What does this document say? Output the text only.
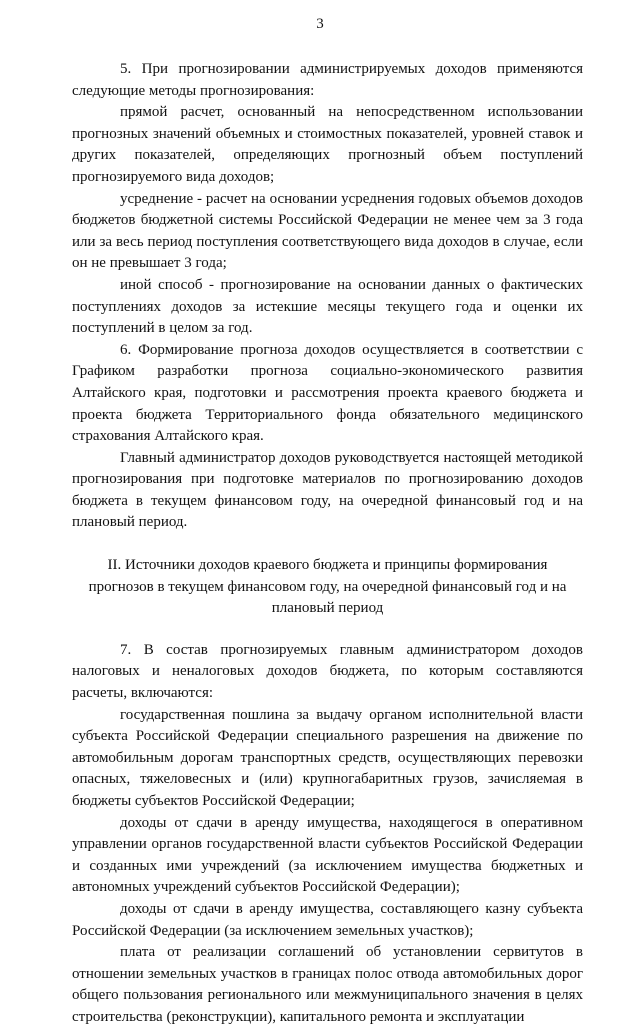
3

5. При прогнозировании администрируемых доходов применяются следующие методы прогнозирования:

прямой расчет, основанный на непосредственном использовании прогнозных значений объемных и стоимостных показателей, уровней ставок и других показателей, определяющих прогнозный объем поступлений прогнозируемого вида доходов;

усреднение - расчет на основании усреднения годовых объемов доходов бюджетов бюджетной системы Российской Федерации не менее чем за 3 года или за весь период поступления соответствующего вида доходов в случае, если он не превышает 3 года;

иной способ - прогнозирование на основании данных о фактических поступлениях доходов за истекшие месяцы текущего года и оценки их поступлений в целом за год.

6. Формирование прогноза доходов осуществляется в соответствии с Графиком разработки прогноза социально-экономического развития Алтайского края, подготовки и рассмотрения проекта краевого бюджета и проекта бюджета Территориального фонда обязательного медицинского страхования Алтайского края.

Главный администратор доходов руководствуется настоящей методикой прогнозирования при подготовке материалов по прогнозированию доходов бюджета в текущем финансовом году, на очередной финансовый год и на плановый период.

II. Источники доходов краевого бюджета и принципы формирования прогнозов в текущем финансовом году, на очередной финансовый год и на плановый период

7. В состав прогнозируемых главным администратором доходов налоговых и неналоговых доходов бюджета, по которым составляются расчеты, включаются:

государственная пошлина за выдачу органом исполнительной власти субъекта Российской Федерации специального разрешения на движение по автомобильным дорогам транспортных средств, осуществляющих перевозки опасных, тяжеловесных и (или) крупногабаритных грузов, зачисляемая в бюджеты субъектов Российской Федерации;

доходы от сдачи в аренду имущества, находящегося в оперативном управлении органов государственной власти субъектов Российской Федерации и созданных ими учреждений (за исключением имущества бюджетных и автономных учреждений субъектов Российской Федерации);

доходы от сдачи в аренду имущества, составляющего казну субъекта Российской Федерации (за исключением земельных участков);

плата от реализации соглашений об установлении сервитутов в отношении земельных участков в границах полос отвода автомобильных дорог общего пользования регионального или межмуниципального значения в целях строительства (реконструкции), капитального ремонта и эксплуатации
